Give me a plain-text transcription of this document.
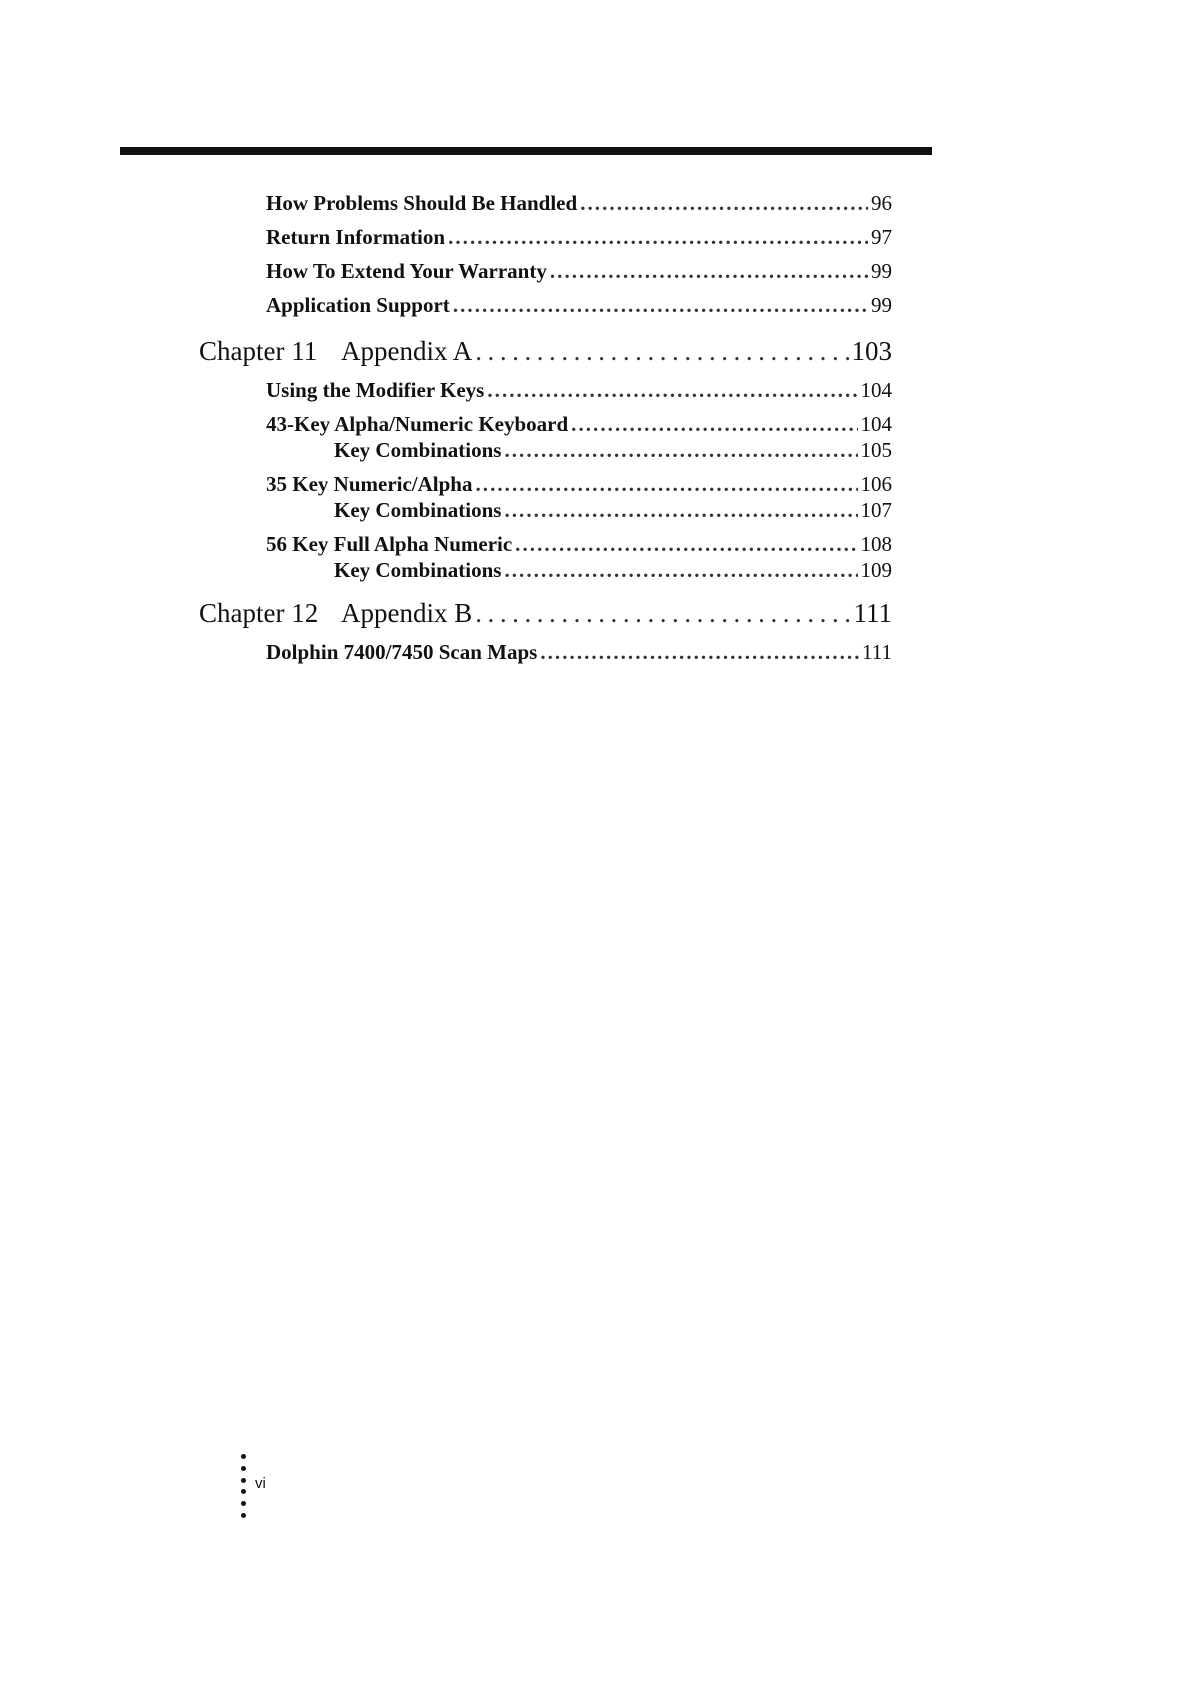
How Problems Should Be Handled . . .	96
Return Information . . .	97
How To Extend Your Warranty . . .	99
Application Support . . .	99
Chapter 11 Appendix A . . .	103
Using the Modifier Keys . . .	104
43-Key Alpha/Numeric Keyboard . . .	104
Key Combinations . . .	105
35 Key Numeric/Alpha . . .	106
Key Combinations . . .	107
56 Key Full Alpha Numeric . . .	108
Key Combinations . . .	109
Chapter 12 Appendix B . . .	111
Dolphin 7400/7450 Scan Maps . . .	111
vi
